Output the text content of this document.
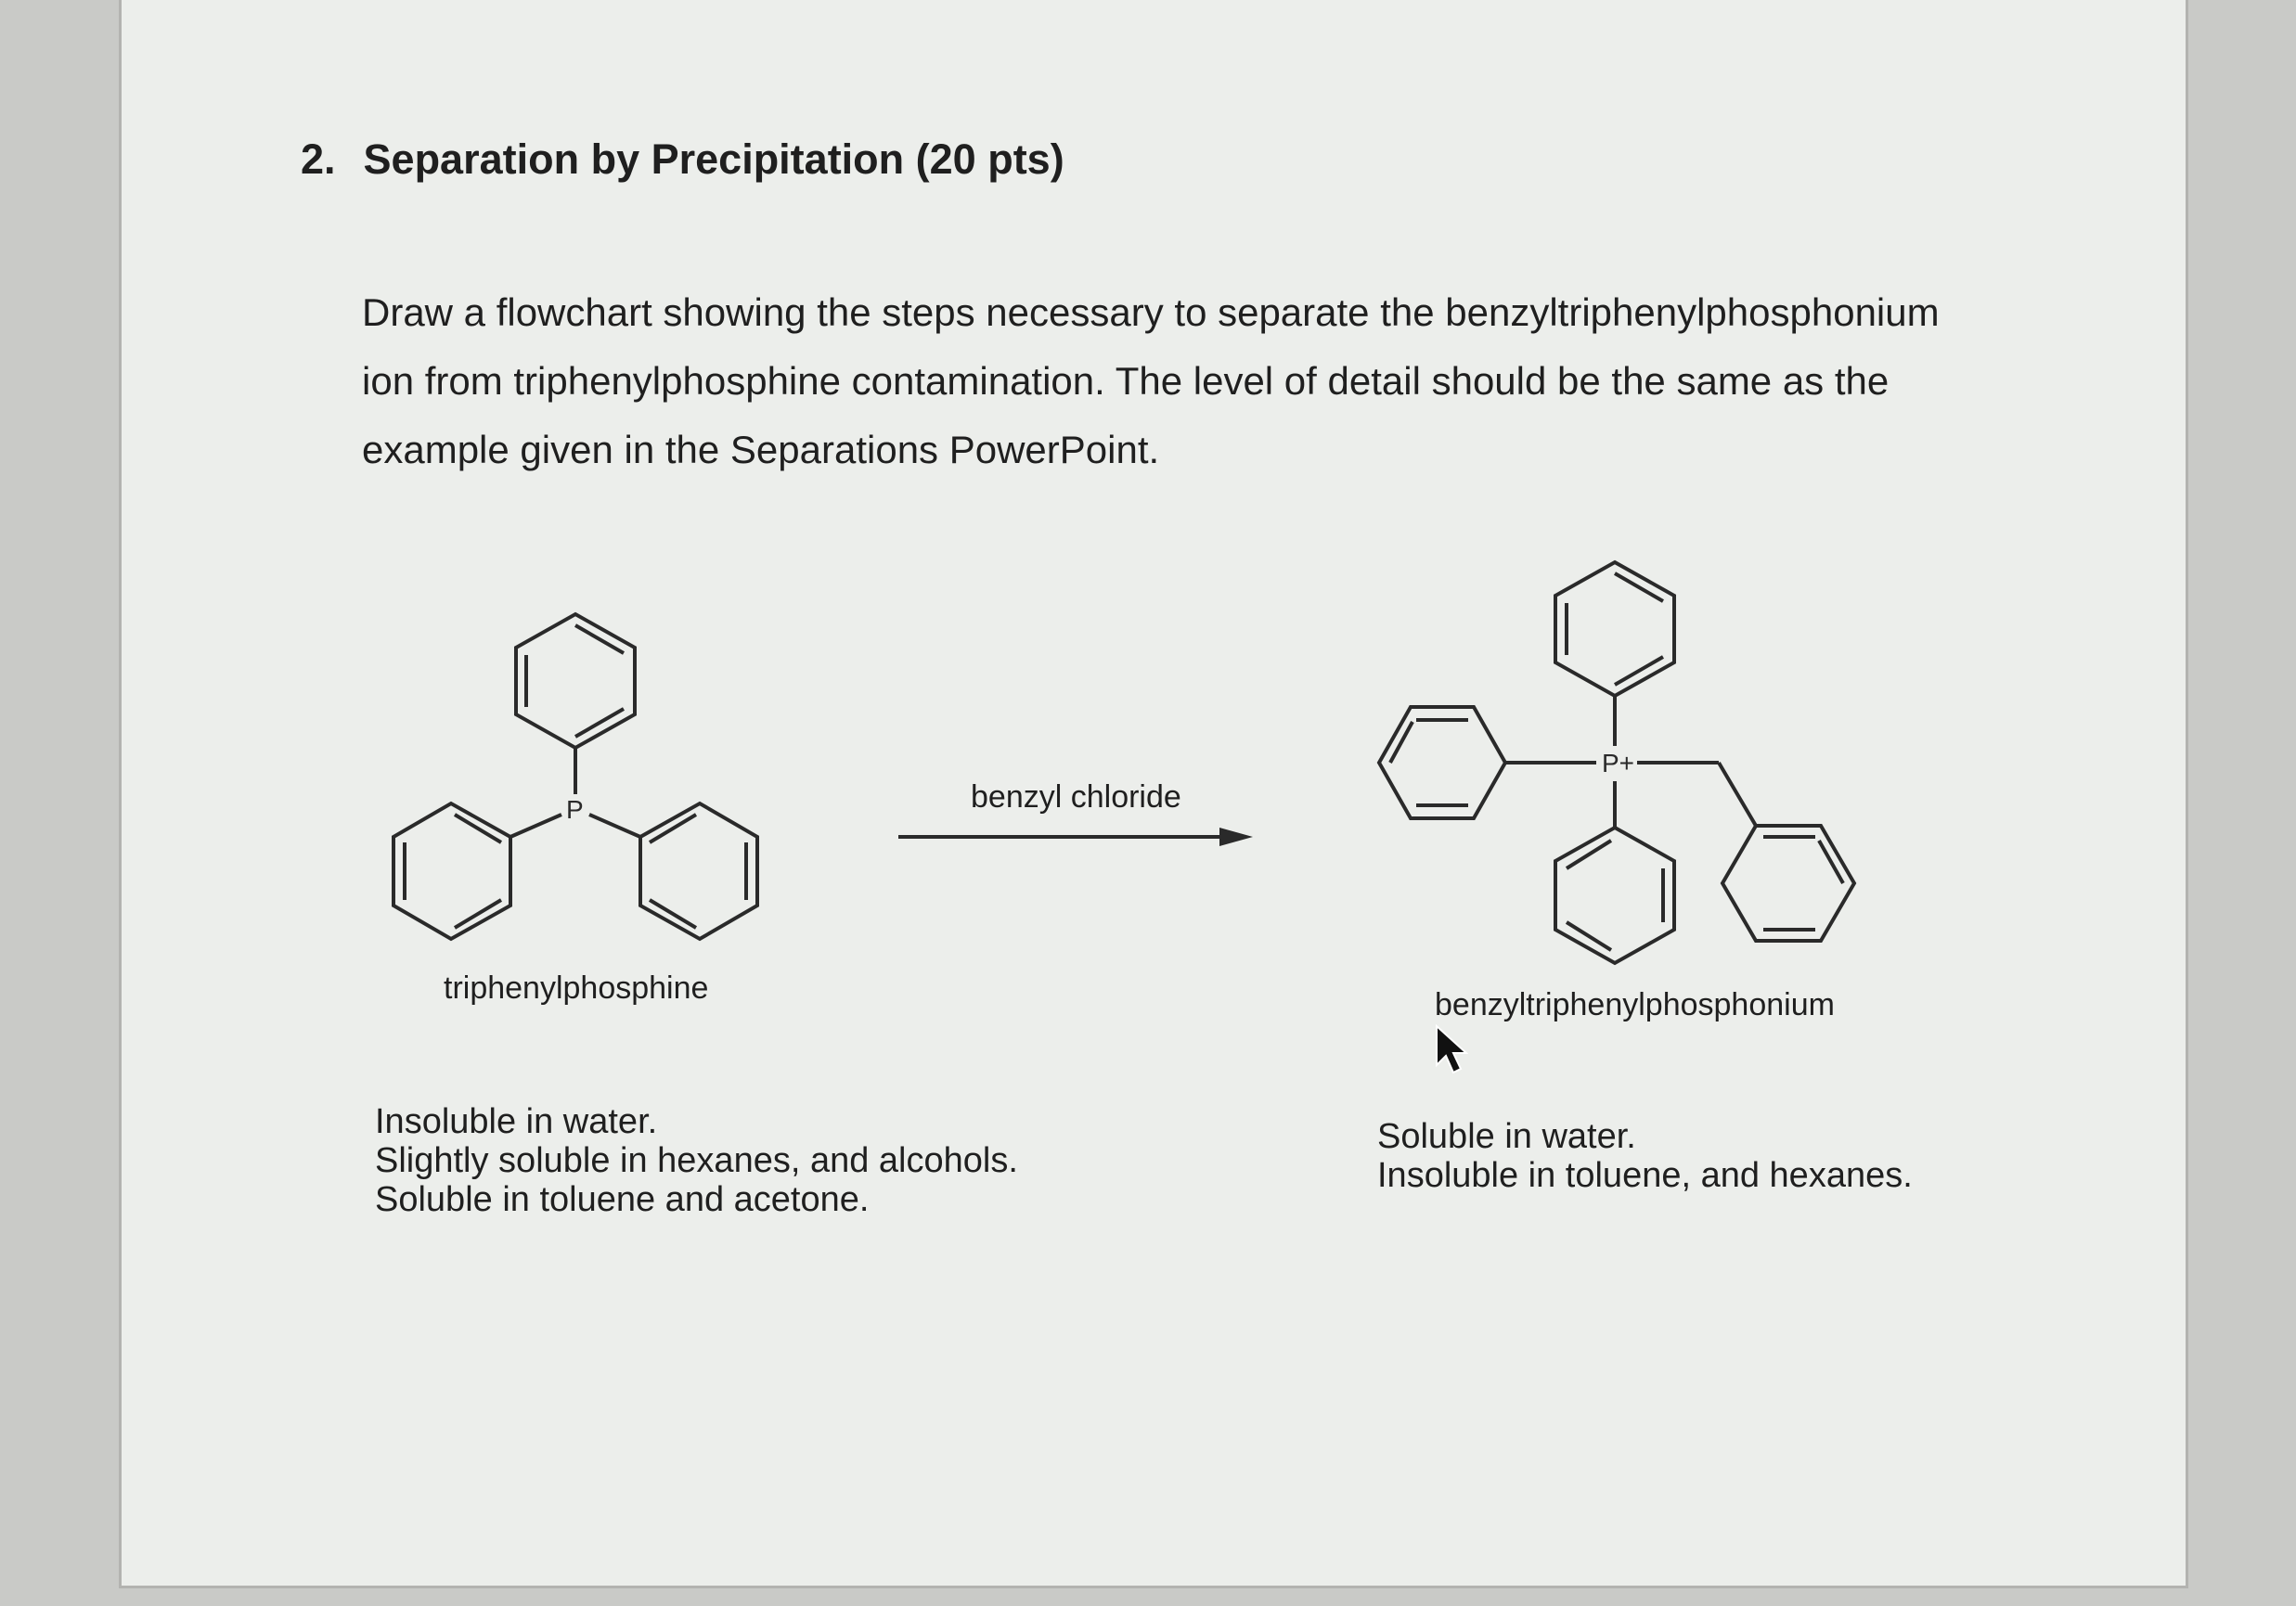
2. Separation by Precipitation (20 pts)
Draw a flowchart showing the steps necessary to separate the benzyltriphenylphosphonium
ion from triphenylphosphine contamination. The level of detail should be the same as the
example given in the Separations PowerPoint.
P
triphenylphosphine
benzyl chloride
P+
benzyltriphenylphosphonium
Insoluble in water.
Slightly soluble in hexanes, and alcohols.
Soluble in toluene and acetone.
Soluble in water.
Insoluble in toluene, and hexanes.
